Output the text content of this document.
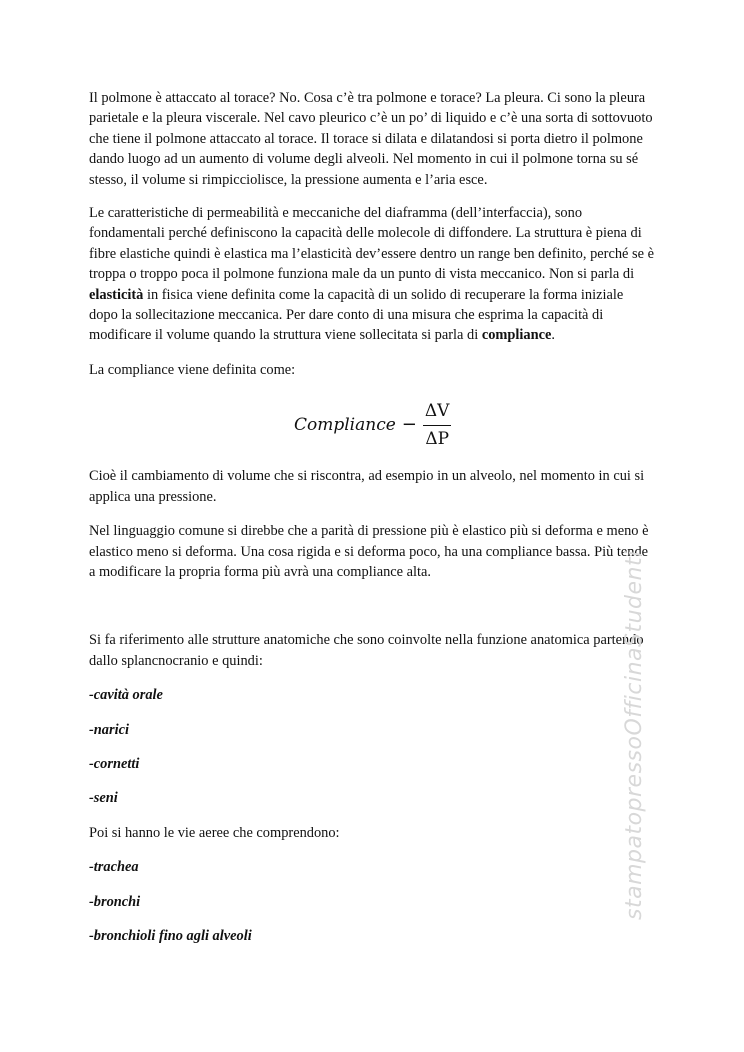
Il polmone è attaccato al torace? No. Cosa c’è tra polmone e torace? La pleura. Ci sono la pleura parietale e la pleura viscerale. Nel cavo pleurico c’è un po’ di liquido e c’è una sorta di sottovuoto che tiene il polmone attaccato al torace. Il torace si dilata e dilatandosi si porta dietro il polmone dando luogo ad un aumento di volume degli alveoli. Nel momento in cui il polmone torna su sé stesso, il volume si rimpicciolisce, la pressione aumenta e l’aria esce.

Le caratteristiche di permeabilità e meccaniche del diaframma (dell’interfaccia), sono fondamentali perché definiscono la capacità delle molecole di diffondere. La struttura è piena di fibre elastiche quindi è elastica ma l’elasticità dev’essere dentro un range ben definito, perché se è troppa o troppo poca il polmone funziona male da un punto di vista meccanico. Non si parla di elasticità in fisica viene definita come la capacità di un solido di recuperare la forma iniziale dopo la sollecitazione meccanica. Per dare conto di una misura che esprima la capacità di modificare il volume quando la struttura viene sollecitata si parla di compliance.

La compliance viene definita come:

Compliance − $\frac{\Delta V}{\Delta P}$

Cioè il cambiamento di volume che si riscontra, ad esempio in un alveolo, nel momento in cui si applica una pressione.

Nel linguaggio comune si direbbe che a parità di pressione più è elastico più si deforma e meno è elastico meno si deforma. Una cosa rigida e si deforma poco, ha una compliance bassa. Più tende a modificare la propria forma più avrà una compliance alta.

Si fa riferimento alle strutture anatomiche che sono coinvolte nella funzione anatomica partendo dallo splancnocranio e quindi:

-cavità orale
-narici
-cornetti
-seni

Poi si hanno le vie aeree che comprendono:

-trachea
-bronchi
-bronchioli fino agli alveoli
stampatopressoOfficinaStudenti
